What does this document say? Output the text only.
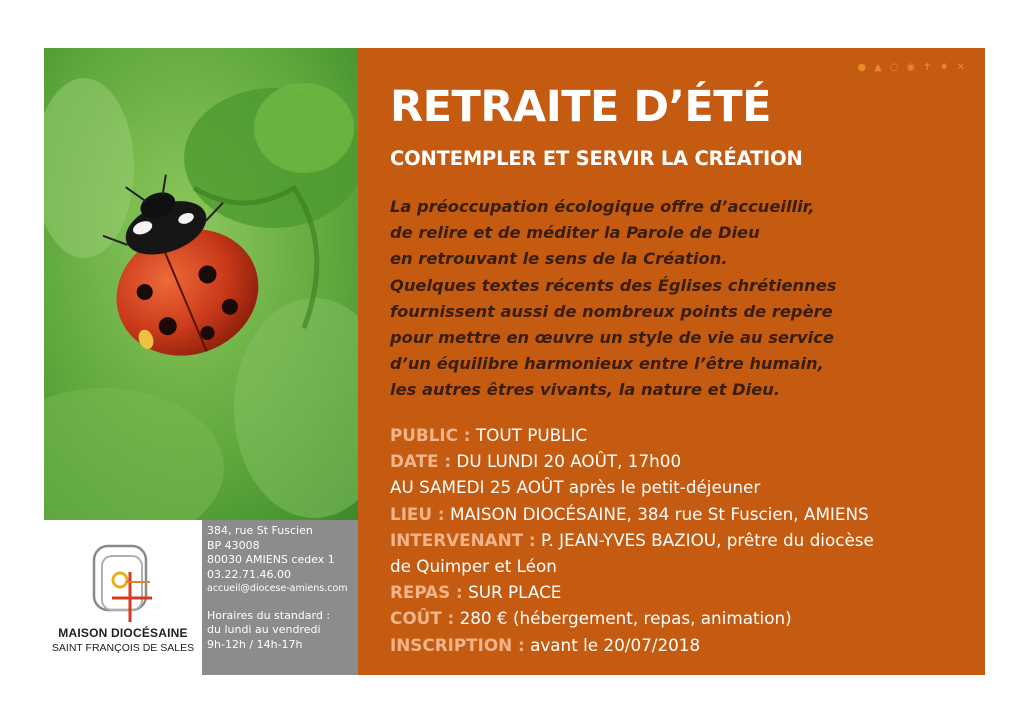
MAISON DIOCÉSAINE
SAINT FRANÇOIS DE SALES
384, rue St Fuscien
BP 43008
80030 AMIENS cedex 1
03.22.71.46.00
accueil@diocese-amiens.com
Horaires du standard :
du lundi au vendredi
9h-12h / 14h-17h
●▲○◉✝♦✕
RETRAITE D’ÉTÉ
CONTEMPLER ET SERVIR LA CRÉATION
La préoccupation écologique offre d’accueillir,
de relire et de méditer la Parole de Dieu
en retrouvant le sens de la Création.
Quelques textes récents des Églises chrétiennes
fournissent aussi de nombreux points de repère
pour mettre en œuvre un style de vie au service
d’un équilibre harmonieux entre l’être humain,
les autres êtres vivants, la nature et Dieu.
PUBLIC : TOUT PUBLIC
DATE : DU LUNDI 20 AOÛT, 17h00
AU SAMEDI 25 AOÛT après le petit-déjeuner
LIEU : MAISON DIOCÉSAINE, 384 rue St Fuscien, AMIENS
INTERVENANT : P. JEAN-YVES BAZIOU, prêtre du diocèse
de Quimper et Léon
REPAS : SUR PLACE
COÛT : 280 € (hébergement, repas, animation)
INSCRIPTION : avant le 20/07/2018
